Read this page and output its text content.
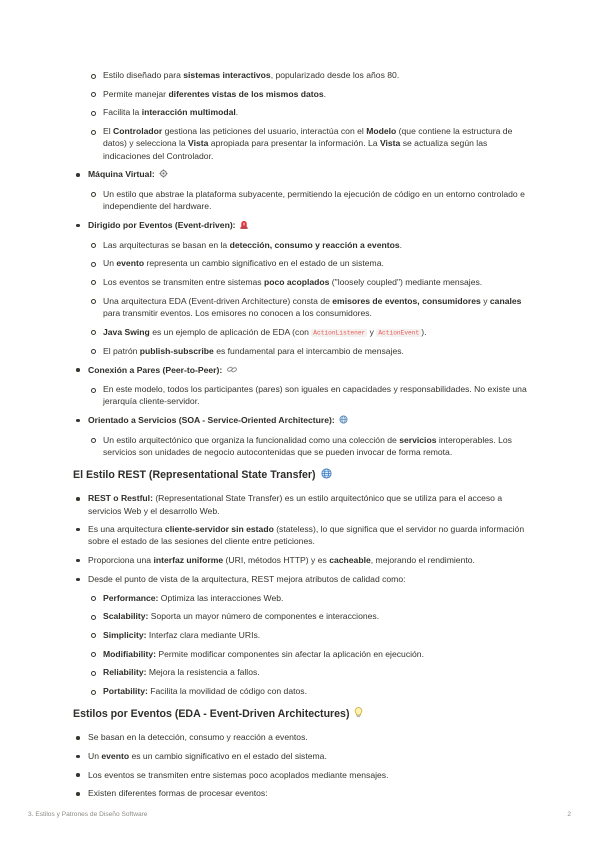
Estilo diseñado para sistemas interactivos, popularizado desde los años 80.
Permite manejar diferentes vistas de los mismos datos.
Facilita la interacción multimodal.
El Controlador gestiona las peticiones del usuario, interactúa con el Modelo (que contiene la estructura de datos) y selecciona la Vista apropiada para presentar la información. La Vista se actualiza según las indicaciones del Controlador.
Máquina Virtual:
Un estilo que abstrae la plataforma subyacente, permitiendo la ejecución de código en un entorno controlado e independiente del hardware.
Dirigido por Eventos (Event-driven):
Las arquitecturas se basan en la detección, consumo y reacción a eventos.
Un evento representa un cambio significativo en el estado de un sistema.
Los eventos se transmiten entre sistemas poco acoplados ("loosely coupled") mediante mensajes.
Una arquitectura EDA (Event-driven Architecture) consta de emisores de eventos, consumidores y canales para transmitir eventos. Los emisores no conocen a los consumidores.
Java Swing es un ejemplo de aplicación de EDA (con ActionListener y ActionEvent ).
El patrón publish-subscribe es fundamental para el intercambio de mensajes.
Conexión a Pares (Peer-to-Peer):
En este modelo, todos los participantes (pares) son iguales en capacidades y responsabilidades. No existe una jerarquía cliente-servidor.
Orientado a Servicios (SOA - Service-Oriented Architecture):
Un estilo arquitectónico que organiza la funcionalidad como una colección de servicios interoperables. Los servicios son unidades de negocio autocontenidas que se pueden invocar de forma remota.
El Estilo REST (Representational State Transfer)
REST o Restful: (Representational State Transfer) es un estilo arquitectónico que se utiliza para el acceso a servicios Web y el desarrollo Web.
Es una arquitectura cliente-servidor sin estado (stateless), lo que significa que el servidor no guarda información sobre el estado de las sesiones del cliente entre peticiones.
Proporciona una interfaz uniforme (URI, métodos HTTP) y es cacheable, mejorando el rendimiento.
Desde el punto de vista de la arquitectura, REST mejora atributos de calidad como:
Performance: Optimiza las interacciones Web.
Scalability: Soporta un mayor número de componentes e interacciones.
Simplicity: Interfaz clara mediante URIs.
Modifiability: Permite modificar componentes sin afectar la aplicación en ejecución.
Reliability: Mejora la resistencia a fallos.
Portability: Facilita la movilidad de código con datos.
Estilos por Eventos (EDA - Event-Driven Architectures)
Se basan en la detección, consumo y reacción a eventos.
Un evento es un cambio significativo en el estado del sistema.
Los eventos se transmiten entre sistemas poco acoplados mediante mensajes.
Existen diferentes formas de procesar eventos:
3. Estilos y Patrones de Diseño Software	2
